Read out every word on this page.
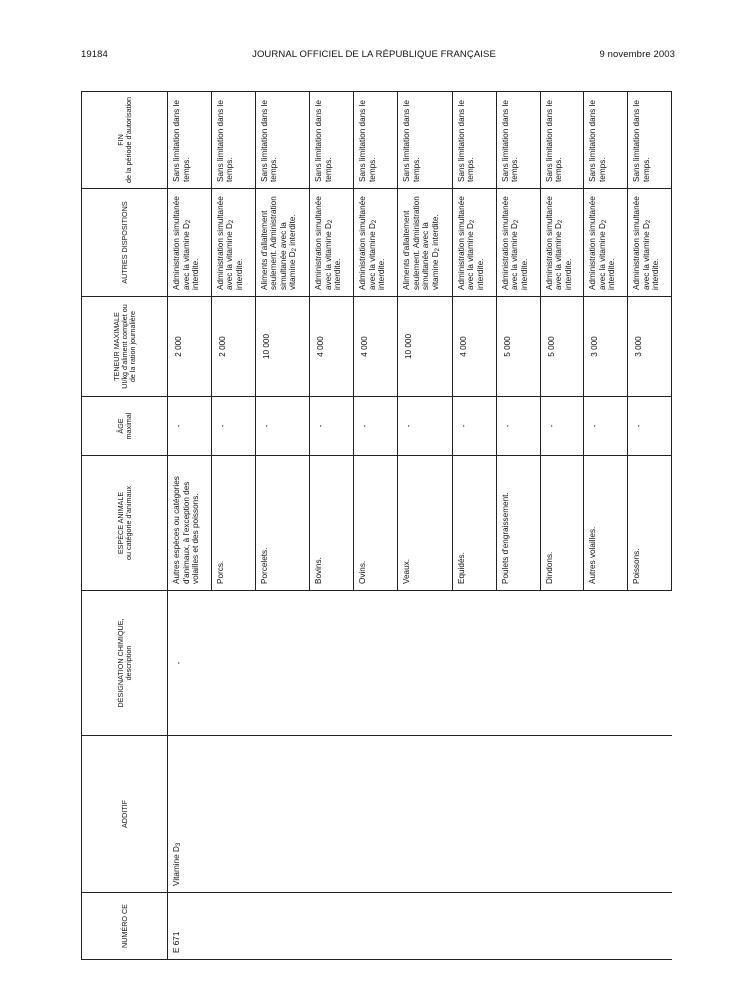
19184	JOURNAL OFFICIEL DE LA RÉPUBLIQUE FRANÇAISE	9 novembre 2003
NUMÉRO CE	ADDITIF	DÉSIGNATION CHIMIQUE, description	ESPÈCE ANIMALE ou catégorie d'animaux	ÂGE maximal	TENEUR MAXIMALE UI/kg d'aliment complet ou de la ration journalière	AUTRES DISPOSITIONS	FIN de la période d'autorisation

E 671	Vitamine $D_3$	-	Autres espèces ou catégories d'animaux, à l'exception des volailles et des poissons.	-	2 000	Administration simultanée avec la vitamine $D_2$ interdite.	Sans limitation dans le temps.
			Porcs.	-	2 000	Administration simultanée avec la vitamine $D_2$ interdite.	Sans limitation dans le temps.
			Porcelets.	-	10 000	Aliments d'allaitement seulement. Administration simultanée avec la vitamine $D_2$ interdite.	Sans limitation dans le temps.
			Bovins.	-	4 000	Administration simultanée avec la vitamine $D_2$ interdite.	Sans limitation dans le temps.
			Ovins.	-	4 000	Administration simultanée avec la vitamine $D_2$ interdite.	Sans limitation dans le temps.
			Veaux.	-	10 000	Aliments d'allaitement seulement. Administration simultanée avec la vitamine $D_2$ interdite.	Sans limitation dans le temps.
			Equidés.	-	4 000	Administration simultanée avec la vitamine $D_2$ interdite.	Sans limitation dans le temps.
			Poulets d'engraissement.	-	5 000	Administration simultanée avec la vitamine $D_2$ interdite.	Sans limitation dans le temps.
			Dindons.	-	5 000	Administration simultanée avec la vitamine $D_2$ interdite.	Sans limitation dans le temps.
			Autres volailles.	-	3 000	Administration simultanée avec la vitamine $D_2$ interdite.	Sans limitation dans le temps.
			Poissons.	-	3 000	Administration simultanée avec la vitamine $D_2$ interdite.	Sans limitation dans le temps.
